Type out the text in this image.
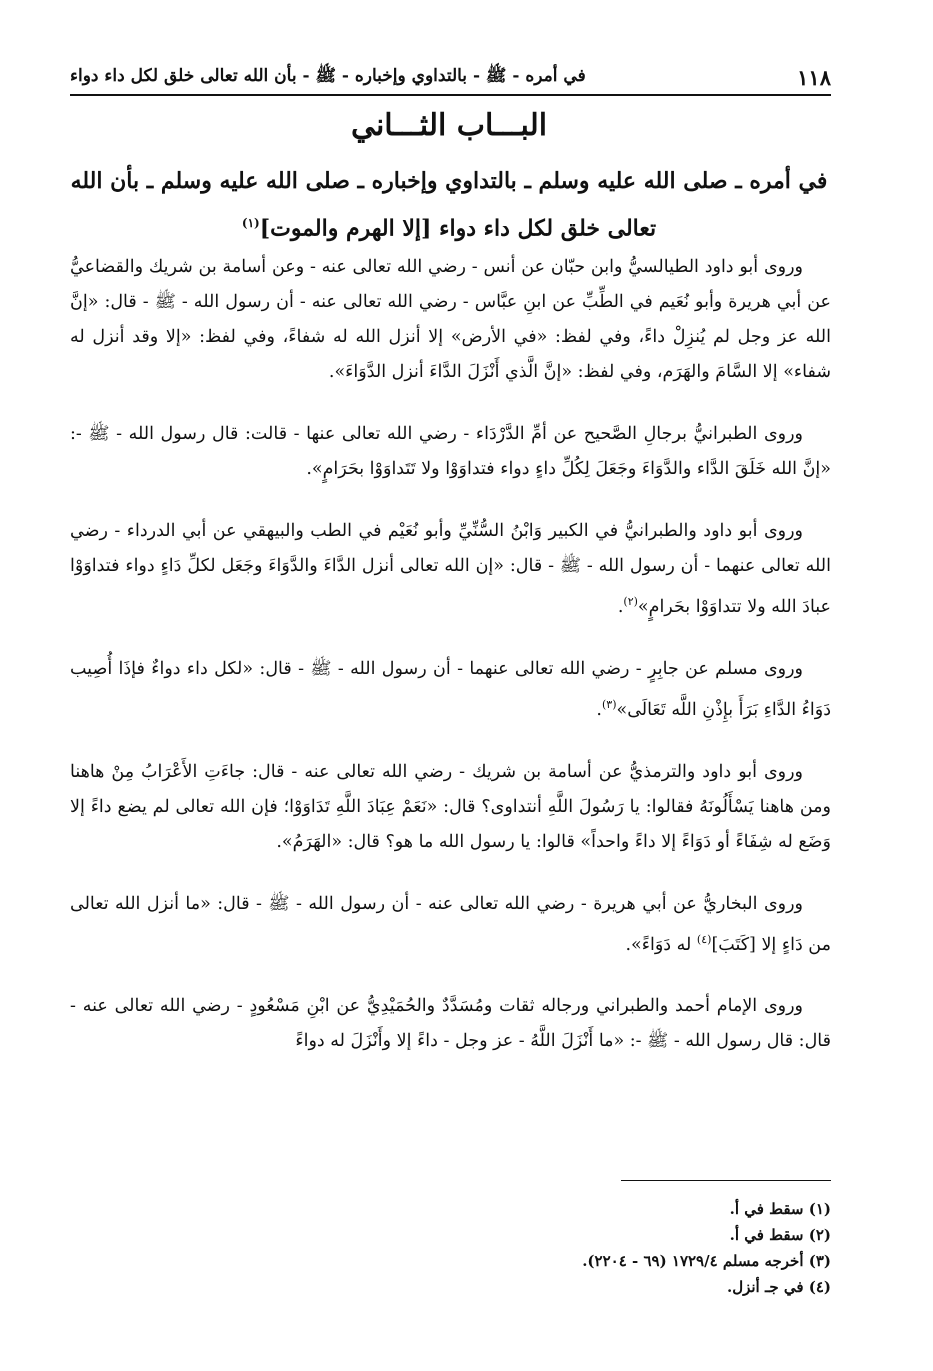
١١٨
في أمره - ﷺ - بالتداوي وإخباره - ﷺ - بأن الله تعالى خلق لكل داء دواء
البـــاب الثـــاني
في أمره ـ صلى الله عليه وسلم ـ بالتداوي وإخباره ـ صلى الله عليه وسلم ـ بأن الله تعالى خلق لكل داء دواء [إلا الهرم والموت]$^{(١)}$

وروى أبو داود الطيالسيُّ وابن حبّان عن أنس - رضي الله تعالى عنه - وعن أسامة بن شريك والقضاعيُّ عن أبي هريرة وأبو نُعَيم في الطِّبِّ عن ابنِ عبَّاس - رضي الله تعالى عنه - أن رسول الله - ﷺ - قال: «إنَّ الله عز وجل لم يُنزِلْ داءً، وفي لفظ: «في الأرض» إلا أنزل الله له شفاءً، وفي لفظ: «إلا وقد أنزل له شفاء» إلا السَّامَ والهَرَم، وفي لفظ: «إنَّ الَّذي أَنْزَلَ الدَّاءَ أنزل الدَّوَاءَ».

وروى الطبرانيُّ برجالِ الصَّحيح عن أمِّ الدَّرْدَاء - رضي الله تعالى عنها - قالت: قال رسول الله - ﷺ -: «إنَّ الله خَلَقَ الدَّاء والدَّوَاءَ وجَعَلَ لِكُلِّ داءٍ دواء فتداوَوْا ولا تَتَداوَوْا بحَرَامٍ».

وروى أبو داود والطبرانيُّ في الكبير وَابْنُ السُّنِّيِّ وأبو نُعَيْم في الطب والبيهقي عن أبي الدرداء - رضي الله تعالى عنهما - أن رسول الله - ﷺ - قال: «إن الله تعالى أنزل الدَّاءَ والدَّوَاءَ وجَعَل لكلِّ دَاءٍ دواء فتداوَوْا عبادَ الله ولا تتداوَوْا بحَرامٍ»$^{(٢)}$.

وروى مسلم عن جابِرٍ - رضي الله تعالى عنهما - أن رسول الله - ﷺ - قال: «لكل داء دواءٌ فإذَا أُصِيب دَوَاءُ الدَّاءِ بَرَأَ بإِذْنِ اللَّه تَعَالَى»$^{(٣)}$.

وروى أبو داود والترمذيُّ عن أسامة بن شريك - رضي الله تعالى عنه - قال: جاءَتِ الأَعْرَابُ مِنْ هاهنا ومن هاهنا يَسْأَلُونَهُ فقالوا: يا رَسُولَ اللَّهِ أنتداوى؟ قال: «نَعَمْ عِبَادَ اللَّهِ تَدَاوَوْا؛ فإن الله تعالى لم يضع داءً إلا وَضَع له شِفَاءً أو دَوَاءً إلا داءً واحداً» قالوا: يا رسول الله ما هو؟ قال: «الهَرَمُ».

وروى البخاريُّ عن أبي هريرة - رضي الله تعالى عنه - أن رسول الله - ﷺ - قال: «ما أنزل الله تعالى من دَاءٍ إلا [كَتَبَ]$^{(٤)}$ له دَوَاءً».

وروى الإمام أحمد والطبراني ورجاله ثقات ومُسَدَّدٌ والحُمَيْدِيُّ عن ابْنِ مَسْعُودٍ - رضي الله تعالى عنه - قال: قال رسول الله - ﷺ -: «ما أَنْزَلَ اللَّهُ - عز وجل - داءً إلا وأَنْزَلَ له دواءً

(١) سقط في أ.
(٢) سقط في أ.
(٣) أخرجه مسلم ١٧٢٩/٤ (٦٩ - ٢٢٠٤).
(٤) في جـ أنزل.
